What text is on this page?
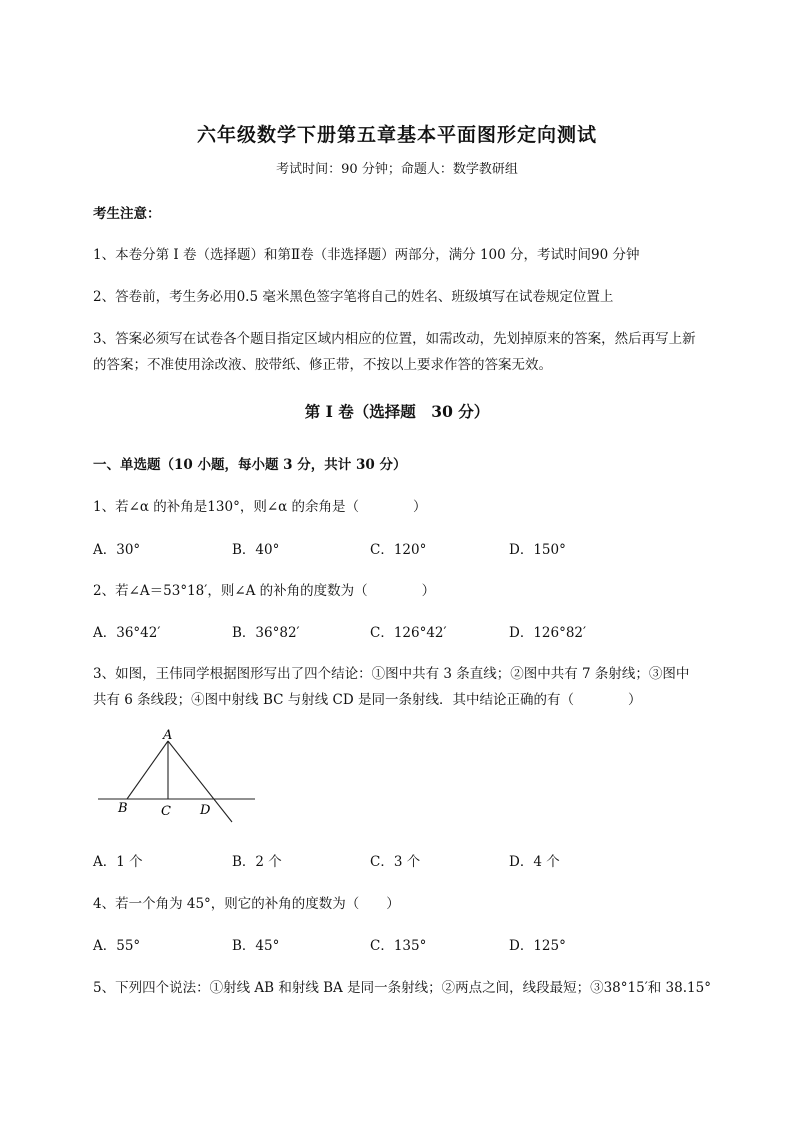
六年级数学下册第五章基本平面图形定向测试
考试时间：90 分钟；命题人：数学教研组
考生注意：
1、本卷分第 I 卷（选择题）和第Ⅱ卷（非选择题）两部分，满分 100 分，考试时间90 分钟
2、答卷前，考生务必用0.5 毫米黑色签字笔将自己的姓名、班级填写在试卷规定位置上
3、答案必须写在试卷各个题目指定区域内相应的位置，如需改动，先划掉原来的答案，然后再写上新
的答案；不准使用涂改液、胶带纸、修正带，不按以上要求作答的答案无效。
第 I 卷（选择题　30 分）
一、单选题（10 小题，每小题 3 分，共计 30 分）
1、若∠α 的补角是130°，则∠α 的余角是（　　　　）
A．30°	B．40°	C．120°	D．150°
2、若∠A＝53°18′，则∠A 的补角的度数为（　　　　）
A．36°42′	B．36°82′	C．126°42′	D．126°82′
3、如图，王伟同学根据图形写出了四个结论：①图中共有 3 条直线；②图中共有 7 条射线；③图中
共有 6 条线段；④图中射线 BC 与射线 CD 是同一条射线．其中结论正确的有（　　　　）
A
B	C D
A．1 个	B．2 个	C．3 个	D．4 个
4、若一个角为 45°，则它的补角的度数为（　　）
A．55°	B．45°	C．135°	D．125°
5、下列四个说法：①射线 AB 和射线 BA 是同一条射线；②两点之间，线段最短；③38°15′和 38.15°
